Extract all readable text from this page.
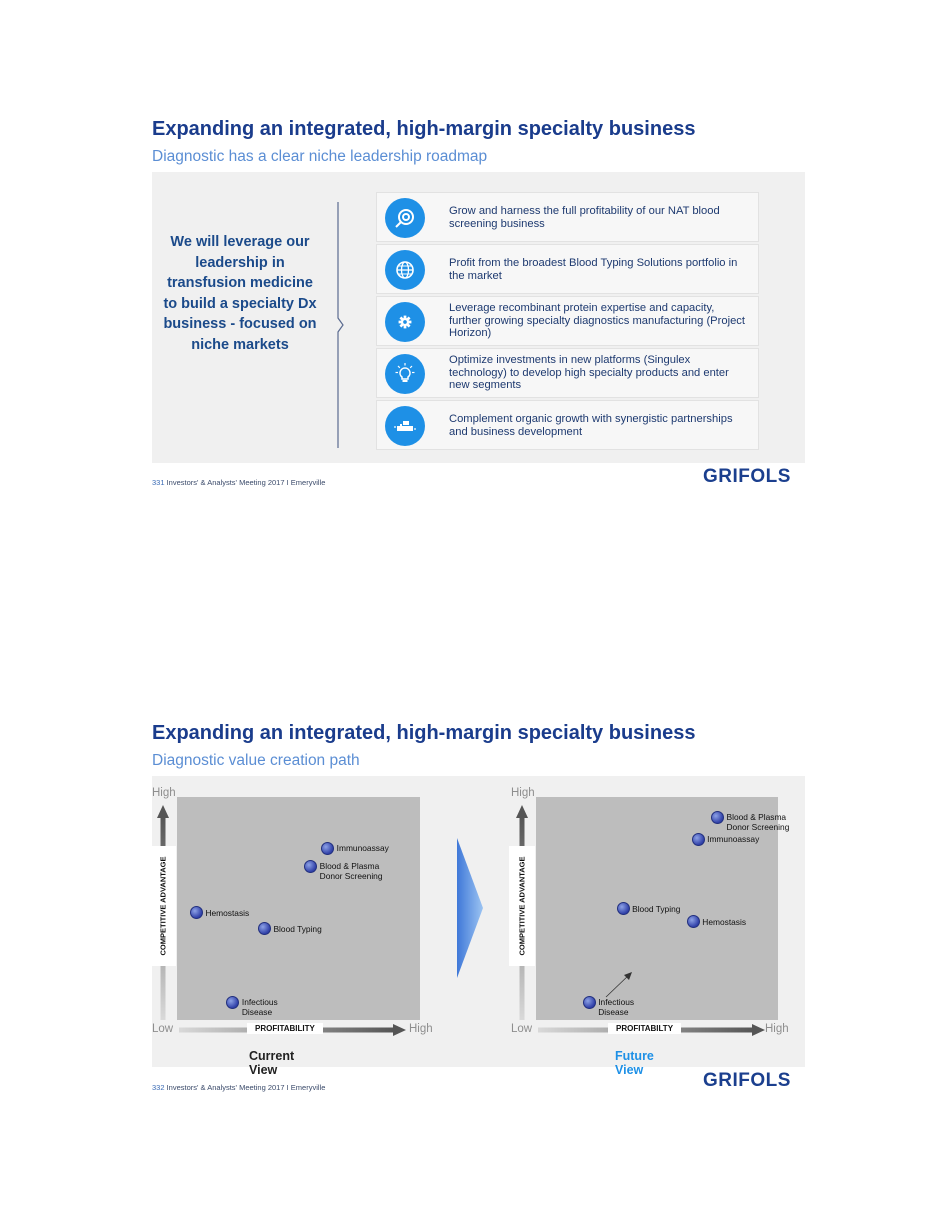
Expanding an integrated, high-margin specialty business
Diagnostic has a clear niche leadership roadmap
We will leverage our leadership in transfusion medicine to build a specialty Dx business - focused on niche markets
Grow and harness the full profitability of our NAT blood screening business
Profit from the broadest Blood Typing Solutions portfolio in the market
Leverage recombinant protein expertise and capacity, further growing specialty diagnostics manufacturing (Project Horizon)
Optimize investments in new platforms (Singulex technology) to develop high specialty products and enter new segments
Complement organic growth with synergistic partnerships and business development
331 Investors' & Analysts' Meeting 2017 I Emeryville	GRIFOLS
Expanding an integrated, high-margin specialty business
Diagnostic value creation path
High
COMPETITIVE ADVANTAGE
Immunoassay
Blood & Plasma Donor Screening
Hemostasis
Blood Typing
Infectious Disease
Low	PROFITABILITY	High
Current View
High
COMPETITIVE ADVANTAGE
Blood & Plasma Donor Screening
Immunoassay
Blood Typing
Hemostasis
Infectious Disease
Low	PROFITABILTY	High
Future View
332 Investors' & Analysts' Meeting 2017 I Emeryville	GRIFOLS
